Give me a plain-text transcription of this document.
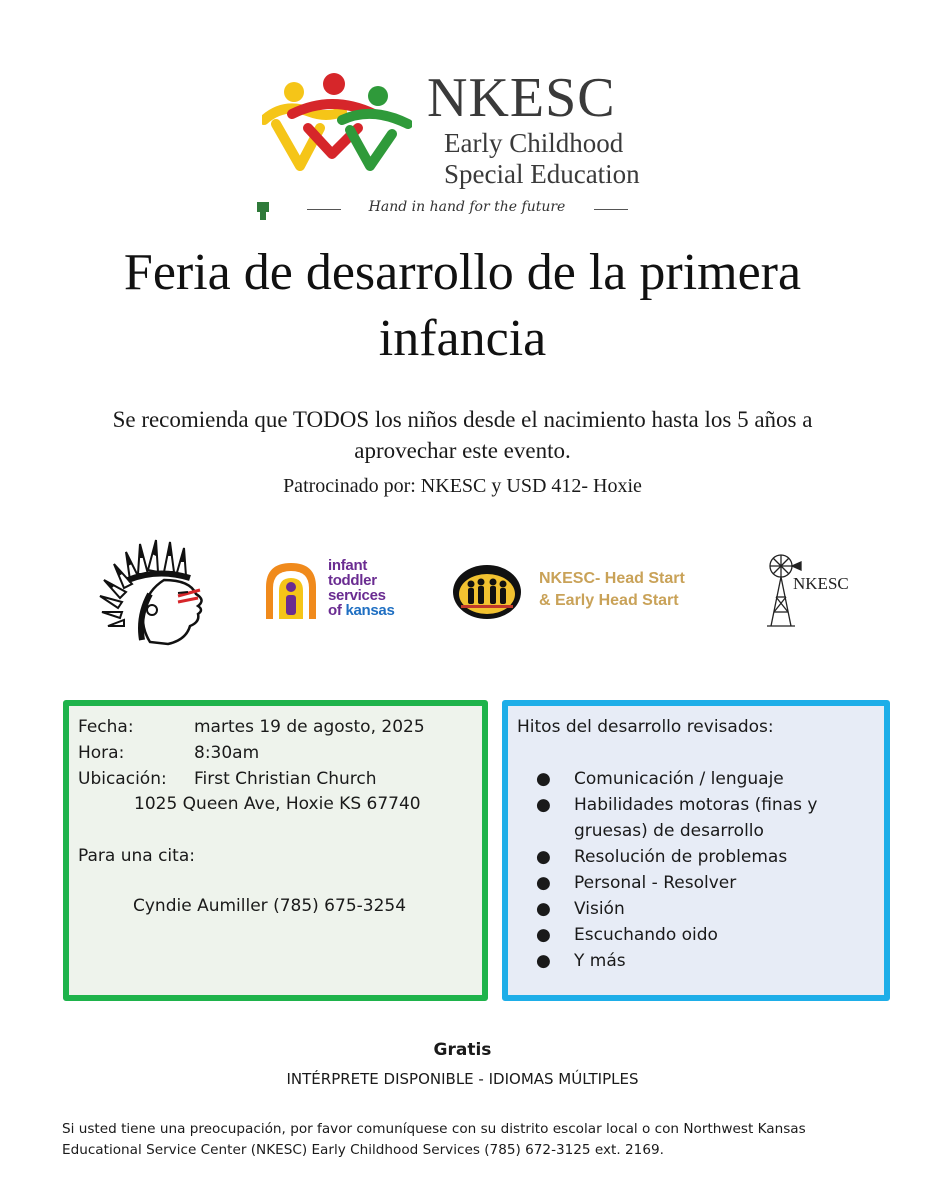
NKESC
Early Childhood
Special Education
Hand in hand for the future
Feria de desarrollo de la primera infancia
Se recomienda que TODOS los niños desde el nacimiento hasta los 5 años a aprovechar este evento.
Patrocinado por: NKESC y USD 412- Hoxie
infant
toddler
services
of kansas
NKESC- Head Start
& Early Head Start
NKESC
Fecha:	martes 19 de agosto, 2025
Hora:	8:30am
Ubicación: First Christian Church
1025 Queen Ave, Hoxie KS 67740
Para una cita:
Cyndie Aumiller (785) 675-3254
Hitos del desarrollo revisados:
● Comunicación / lenguaje
● Habilidades motoras (finas y gruesas) de desarrollo
● Resolución de problemas
● Personal - Resolver
● Visión
● Escuchando oido
● Y más
Gratis
INTÉRPRETE DISPONIBLE - IDIOMAS MÚLTIPLES
Si usted tiene una preocupación, por favor comuníquese con su distrito escolar local o con Northwest Kansas Educational Service Center (NKESC) Early Childhood Services (785) 672-3125 ext. 2169.
